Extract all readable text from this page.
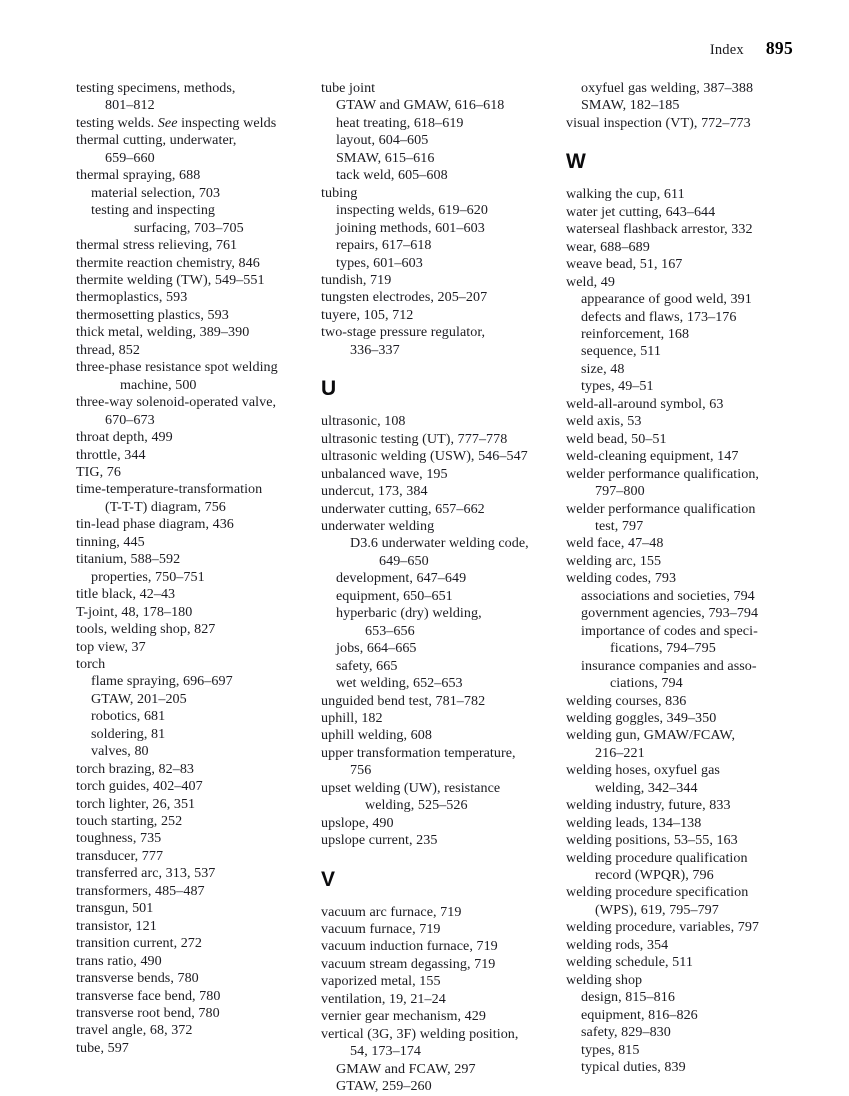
Index 895
testing specimens, methods,
801–812
testing welds. See inspecting welds
thermal cutting, underwater,
659–660
thermal spraying, 688
material selection, 703
testing and inspecting
surfacing, 703–705
thermal stress relieving, 761
thermite reaction chemistry, 846
thermite welding (TW), 549–551
thermoplastics, 593
thermosetting plastics, 593
thick metal, welding, 389–390
thread, 852
three-phase resistance spot welding
machine, 500
three-way solenoid-operated valve,
670–673
throat depth, 499
throttle, 344
TIG, 76
time-temperature-transformation
(T-T-T) diagram, 756
tin-lead phase diagram, 436
tinning, 445
titanium, 588–592
properties, 750–751
title black, 42–43
T-joint, 48, 178–180
tools, welding shop, 827
top view, 37
torch
flame spraying, 696–697
GTAW, 201–205
robotics, 681
soldering, 81
valves, 80
torch brazing, 82–83
torch guides, 402–407
torch lighter, 26, 351
touch starting, 252
toughness, 735
transducer, 777
transferred arc, 313, 537
transformers, 485–487
transgun, 501
transistor, 121
transition current, 272
trans ratio, 490
transverse bends, 780
transverse face bend, 780
transverse root bend, 780
travel angle, 68, 372
tube, 597
tube joint
GTAW and GMAW, 616–618
heat treating, 618–619
layout, 604–605
SMAW, 615–616
tack weld, 605–608
tubing
inspecting welds, 619–620
joining methods, 601–603
repairs, 617–618
types, 601–603
tundish, 719
tungsten electrodes, 205–207
tuyere, 105, 712
two-stage pressure regulator,
336–337
U
ultrasonic, 108
ultrasonic testing (UT), 777–778
ultrasonic welding (USW), 546–547
unbalanced wave, 195
undercut, 173, 384
underwater cutting, 657–662
underwater welding
D3.6 underwater welding code,
649–650
development, 647–649
equipment, 650–651
hyperbaric (dry) welding,
653–656
jobs, 664–665
safety, 665
wet welding, 652–653
unguided bend test, 781–782
uphill, 182
uphill welding, 608
upper transformation temperature,
756
upset welding (UW), resistance
welding, 525–526
upslope, 490
upslope current, 235
V
vacuum arc furnace, 719
vacuum furnace, 719
vacuum induction furnace, 719
vacuum stream degassing, 719
vaporized metal, 155
ventilation, 19, 21–24
vernier gear mechanism, 429
vertical (3G, 3F) welding position,
54, 173–174
GMAW and FCAW, 297
GTAW, 259–260
oxyfuel gas welding, 387–388
SMAW, 182–185
visual inspection (VT), 772–773
W
walking the cup, 611
water jet cutting, 643–644
waterseal flashback arrestor, 332
wear, 688–689
weave bead, 51, 167
weld, 49
appearance of good weld, 391
defects and flaws, 173–176
reinforcement, 168
sequence, 511
size, 48
types, 49–51
weld-all-around symbol, 63
weld axis, 53
weld bead, 50–51
weld-cleaning equipment, 147
welder performance qualification,
797–800
welder performance qualification
test, 797
weld face, 47–48
welding arc, 155
welding codes, 793
associations and societies, 794
government agencies, 793–794
importance of codes and speci-
fications, 794–795
insurance companies and asso-
ciations, 794
welding courses, 836
welding goggles, 349–350
welding gun, GMAW/FCAW,
216–221
welding hoses, oxyfuel gas
welding, 342–344
welding industry, future, 833
welding leads, 134–138
welding positions, 53–55, 163
welding procedure qualification
record (WPQR), 796
welding procedure specification
(WPS), 619, 795–797
welding procedure, variables, 797
welding rods, 354
welding schedule, 511
welding shop
design, 815–816
equipment, 816–826
safety, 829–830
types, 815
typical duties, 839
